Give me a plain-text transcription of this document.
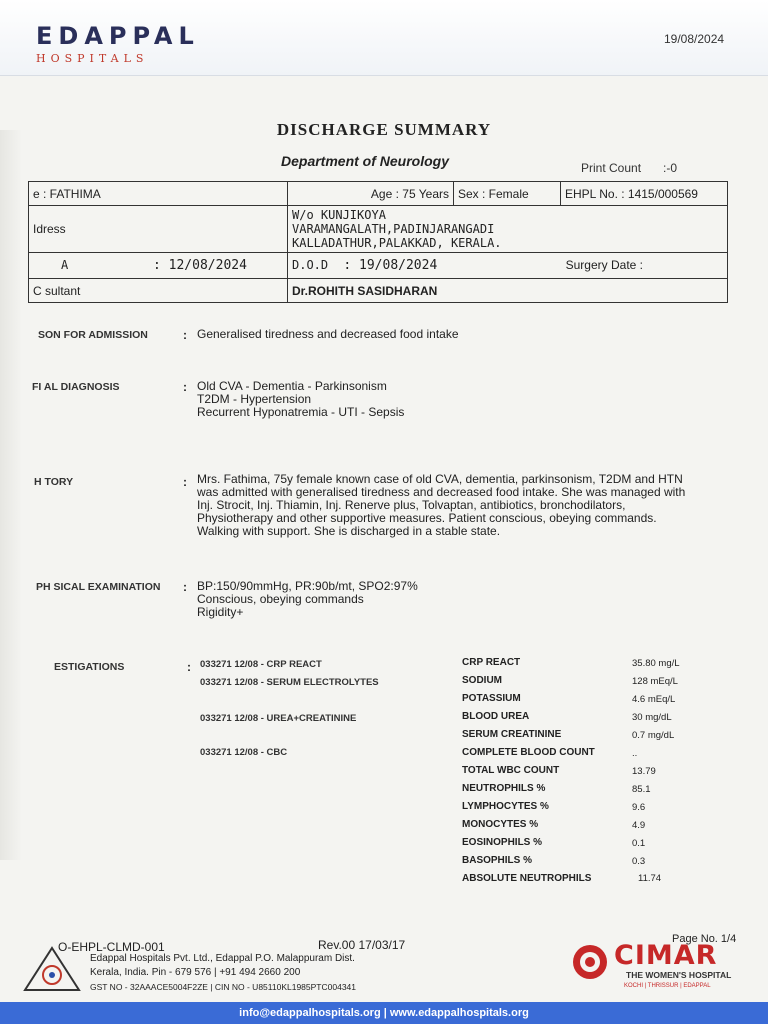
EDAPPAL
HOSPITALS
19/08/2024
DISCHARGE SUMMARY
Department of Neurology	Print Count :-0
e : FATHIMA	Age : 75 Years	Sex : Female	EHPL No. : 1415/000569
Idress	W/o KUNJIKOYA
VARAMANGALATH,PADINJARANGADI
KALLADATHUR,PALAKKAD, KERALA.		

A : 12/08/2024	D.O.D : 19/08/2024 Surgery Date :		

C sultant	Dr.ROHITH SASIDHARAN		
SON FOR ADMISSION	: Generalised tiredness and decreased food intake
FI AL DIAGNOSIS	: Old CVA - Dementia - Parkinsonism
T2DM - Hypertension
Recurrent Hyponatremia - UTI - Sepsis
H TORY	: Mrs. Fathima, 75y female known case of old CVA, dementia, parkinsonism, T2DM and HTN
was admitted with generalised tiredness and decreased food intake. She was managed with
Inj. Strocit, Inj. Thiamin, Inj. Renerve plus, Tolvaptan, antibiotics, bronchodilators,
Physiotherapy and other supportive measures. Patient conscious, obeying commands.
Walking with support. She is discharged in a stable state.
PH SICAL EXAMINATION : BP:150/90mmHg, PR:90b/mt, SPO2:97%
Conscious, obeying commands
Rigidity+
ESTIGATIONS	: 033271 12/08 - CRP REACT
033271 12/08 - SERUM ELECTROLYTES
033271 12/08 - UREA+CREATININE
033271 12/08 - CBC
CRP REACT	35.80 mg/L
SODIUM	128 mEq/L
POTASSIUM	4.6 mEq/L
BLOOD UREA	30 mg/dL
SERUM CREATININE	0.7 mg/dL
COMPLETE BLOOD COUNT	..
TOTAL WBC COUNT	13.79
NEUTROPHILS %	85.1
LYMPHOCYTES %	9.6
MONOCYTES %	4.9
EOSINOPHILS %	0.1
BASOPHILS %	0.3
ABSOLUTE NEUTROPHILS	11.74
O-EHPL-CLMD-001	Rev.00 17/03/17	Page No. 1/4
Edappal Hospitals Pvt. Ltd., Edappal P.O. Malappuram Dist.
Kerala, India. Pin - 679 576 | +91 494 2660 200
GST NO - 32AAACE5004F2ZE | CIN NO - U85110KL1985PTC004341
CIMAR
THE WOMEN'S HOSPITAL
KOCHI | THRISSUR | EDAPPAL
info@edappalhospitals.org | www.edappalhospitals.org
